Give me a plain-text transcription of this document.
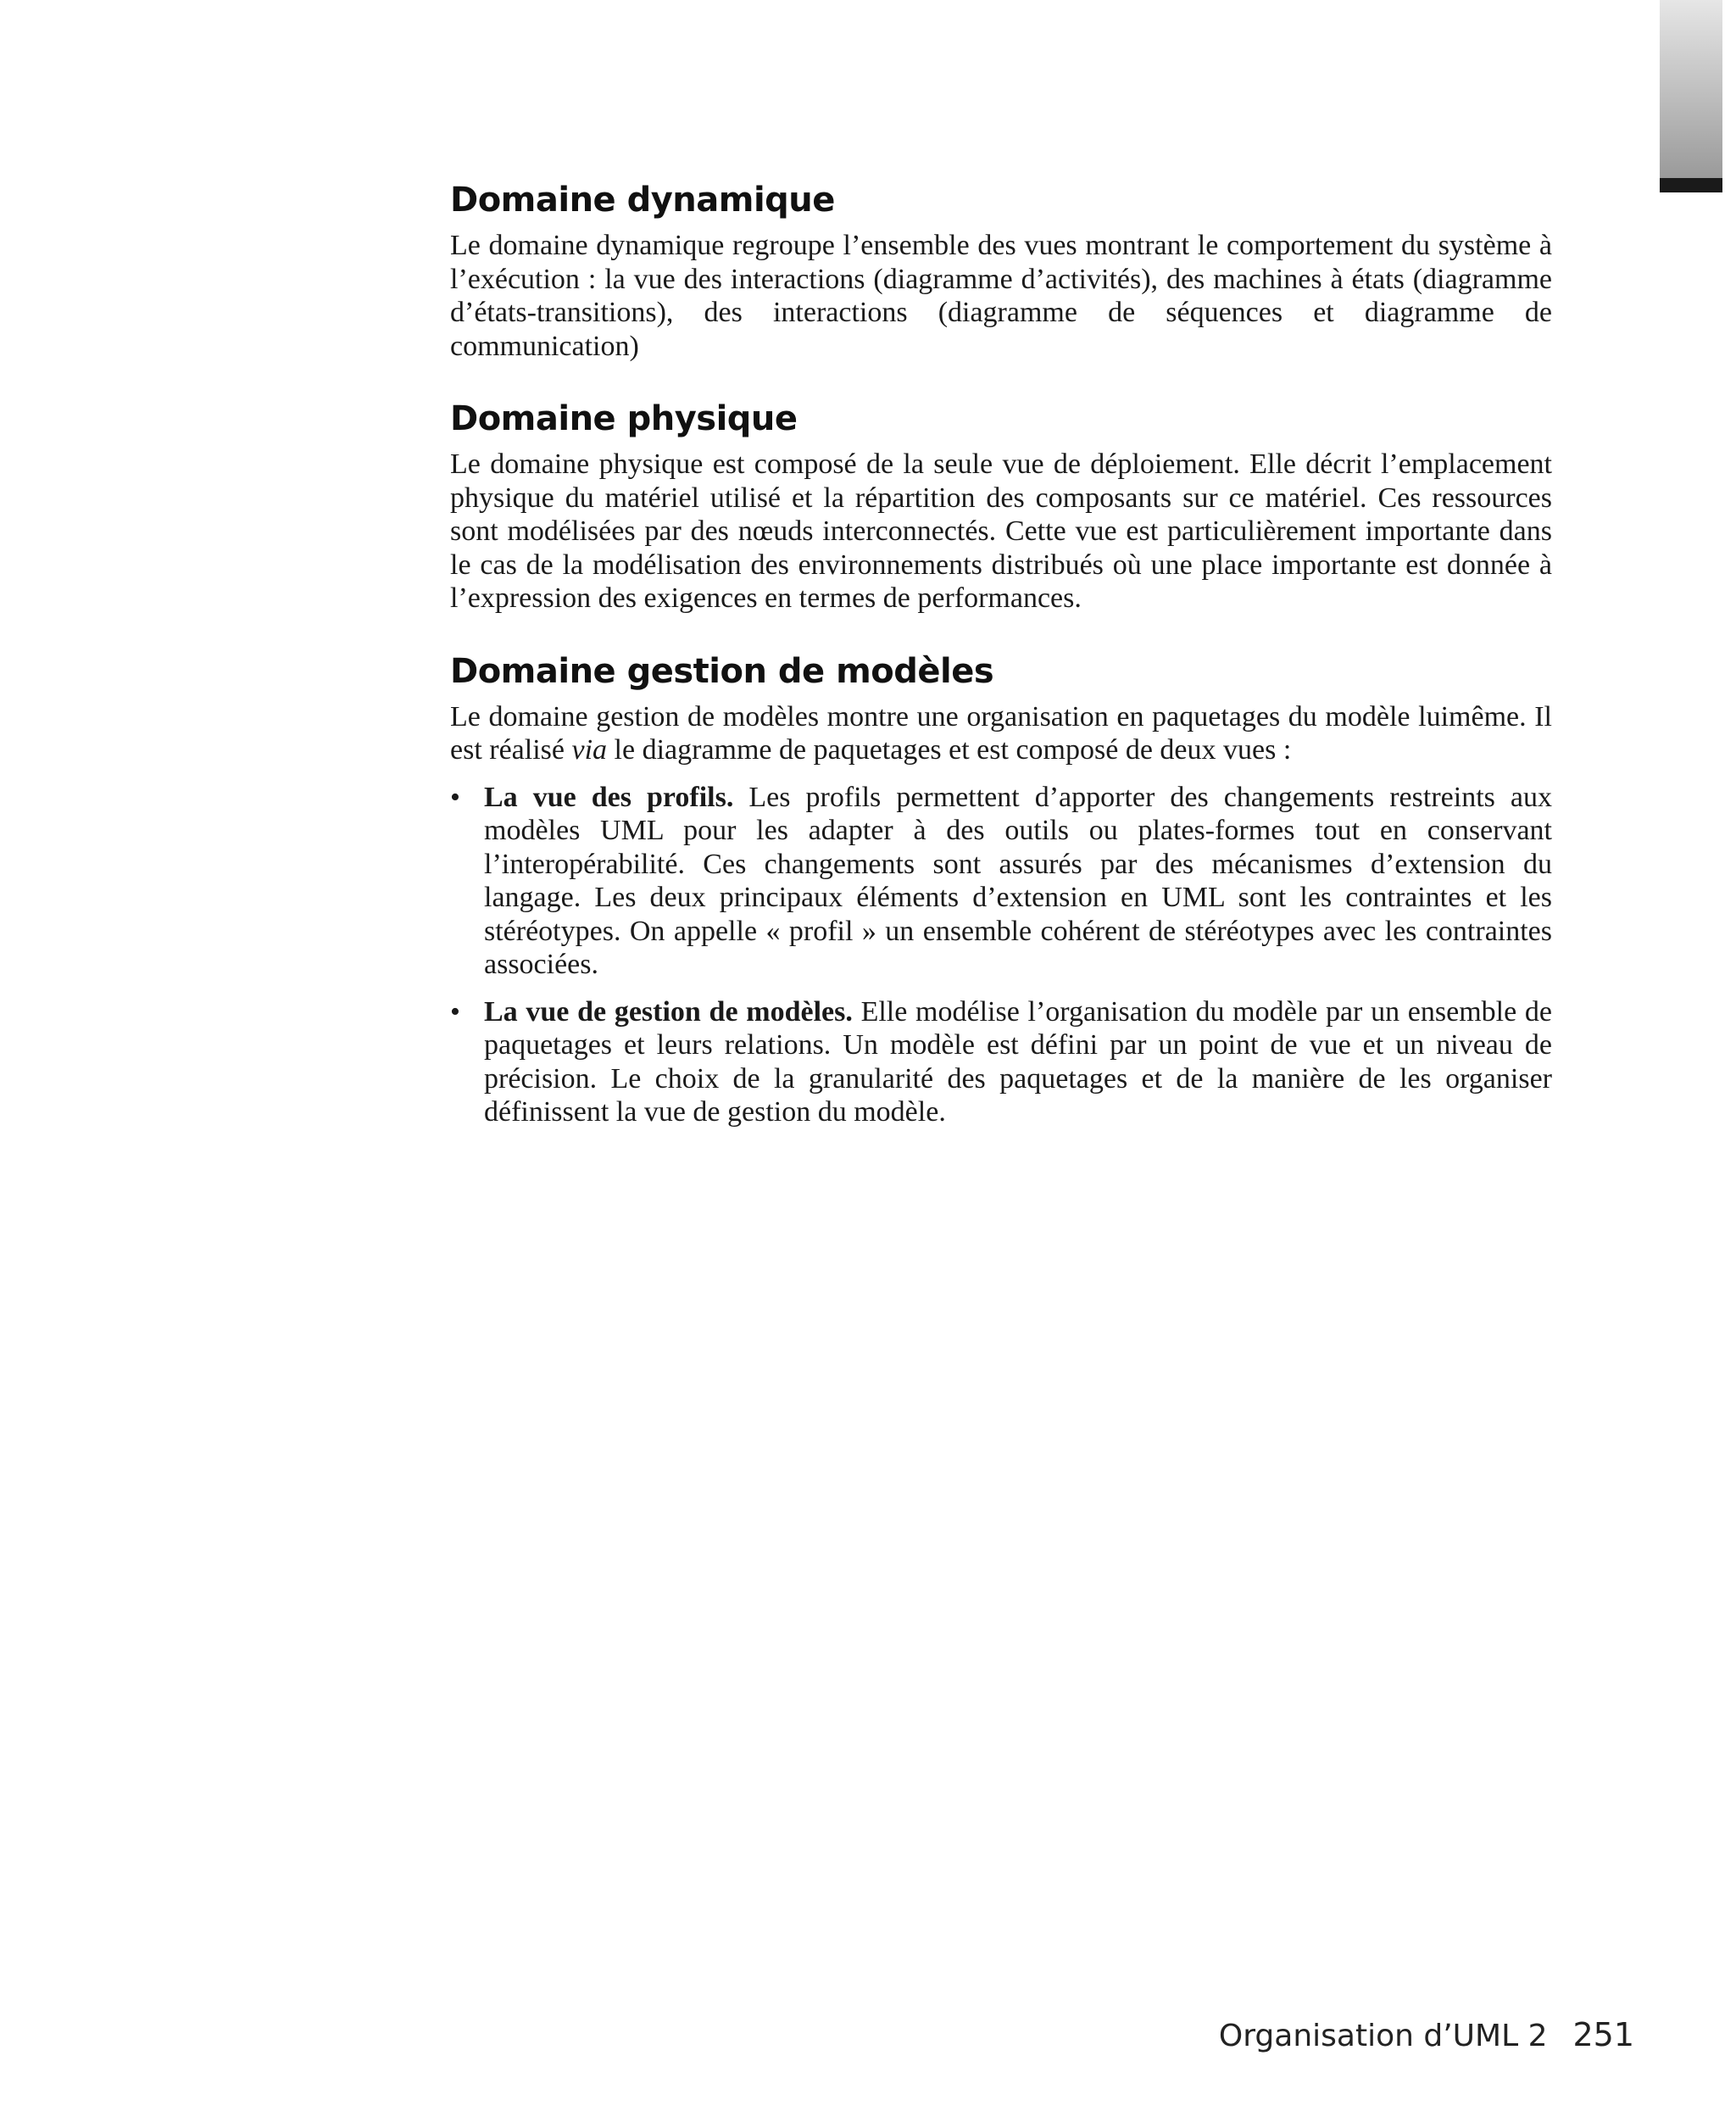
Domaine dynamique

Le domaine dynamique regroupe l’ensemble des vues montrant le comportement du système à l’exécution : la vue des interactions (diagramme d’activités), des machines à états (diagramme d’états-transitions), des interactions (diagramme de séquences et diagramme de communication)

Domaine physique

Le domaine physique est composé de la seule vue de déploiement. Elle décrit l’emplacement physique du matériel utilisé et la répartition des composants sur ce matériel. Ces ressources sont modélisées par des nœuds interconnectés. Cette vue est particulièrement importante dans le cas de la modélisation des environnements distribués où une place importante est donnée à l’expression des exigences en termes de performances.

Domaine gestion de modèles

Le domaine gestion de modèles montre une organisation en paquetages du modèle luimême. Il est réalisé via le diagramme de paquetages et est composé de deux vues :

• La vue des profils. Les profils permettent d’apporter des changements restreints aux modèles UML pour les adapter à des outils ou plates-formes tout en conservant l’interopérabilité. Ces changements sont assurés par des mécanismes d’extension du langage. Les deux principaux éléments d’extension en UML sont les contraintes et les stéréotypes. On appelle « profil » un ensemble cohérent de stéréotypes avec les contraintes associées.
• La vue de gestion de modèles. Elle modélise l’organisation du modèle par un ensemble de paquetages et leurs relations. Un modèle est défini par un point de vue et un niveau de précision. Le choix de la granularité des paquetages et de la manière de les organiser définissent la vue de gestion du modèle.
Organisation d’UML 2 251
